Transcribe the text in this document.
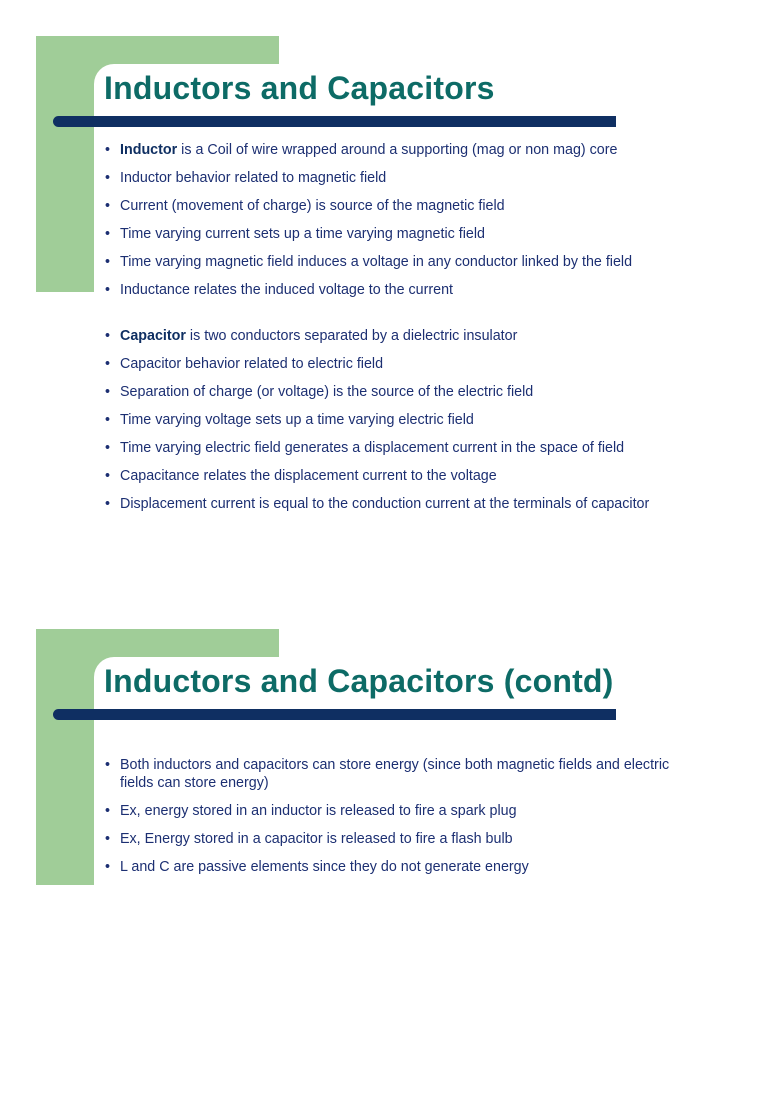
Inductors and Capacitors
• Inductor is a Coil of wire wrapped around a supporting (mag or non mag) core
• Inductor behavior related to magnetic field
• Current (movement of charge) is source of the magnetic field
• Time varying current sets up a time varying magnetic field
• Time varying magnetic field induces a voltage in any conductor linked by the field
• Inductance relates the induced voltage to the current
• Capacitor is two conductors separated by a dielectric insulator
• Capacitor behavior related to electric field
• Separation of charge (or voltage) is the source of the electric field
• Time varying voltage sets up a time varying electric field
• Time varying electric field generates a displacement current in the space of field
• Capacitance relates the displacement current to the voltage
• Displacement current is equal to the conduction current at the terminals of capacitor
Inductors and Capacitors (contd)
• Both inductors and capacitors can store energy (since both magnetic fields and electric fields can store energy)
• Ex, energy stored in an inductor is released to fire a spark plug
• Ex, Energy stored in a capacitor is released to fire a flash bulb
• L and C are passive elements since they do not generate energy
